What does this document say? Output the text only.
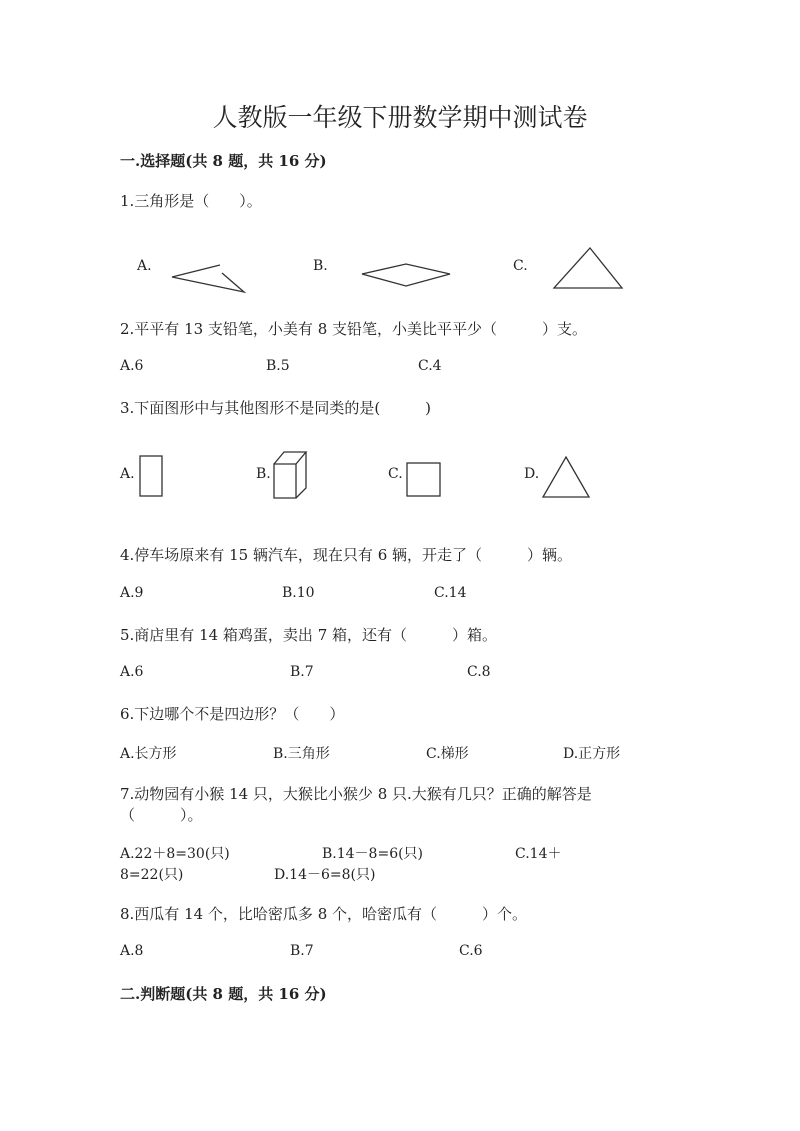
人教版一年级下册数学期中测试卷
一.选择题(共 8 题，共 16 分)
1.三角形是（　　）。
A.	B.	C.
2.平平有 13 支铅笔，小美有 8 支铅笔，小美比平平少（　　　）支。
A.6	B.5	C.4
3.下面图形中与其他图形不是同类的是(　　　)
A.	B.	C.	D.
4.停车场原来有 15 辆汽车，现在只有 6 辆，开走了（　　　）辆。
A.9	B.10	C.14
5.商店里有 14 箱鸡蛋，卖出 7 箱，还有（　　　）箱。
A.6	B.7	C.8
6.下边哪个不是四边形？（　　）
A.长方形	B.三角形	C.梯形	D.正方形
7.动物园有小猴 14 只，大猴比小猴少 8 只.大猴有几只？正确的解答是
（　　　）。
A.22＋8=30(只)	B.14－8=6(只)	C.14＋
8=22(只)	D.14－6=8(只)
8.西瓜有 14 个，比哈密瓜多 8 个，哈密瓜有（　　　）个。
A.8	B.7	C.6
二.判断题(共 8 题，共 16 分)
